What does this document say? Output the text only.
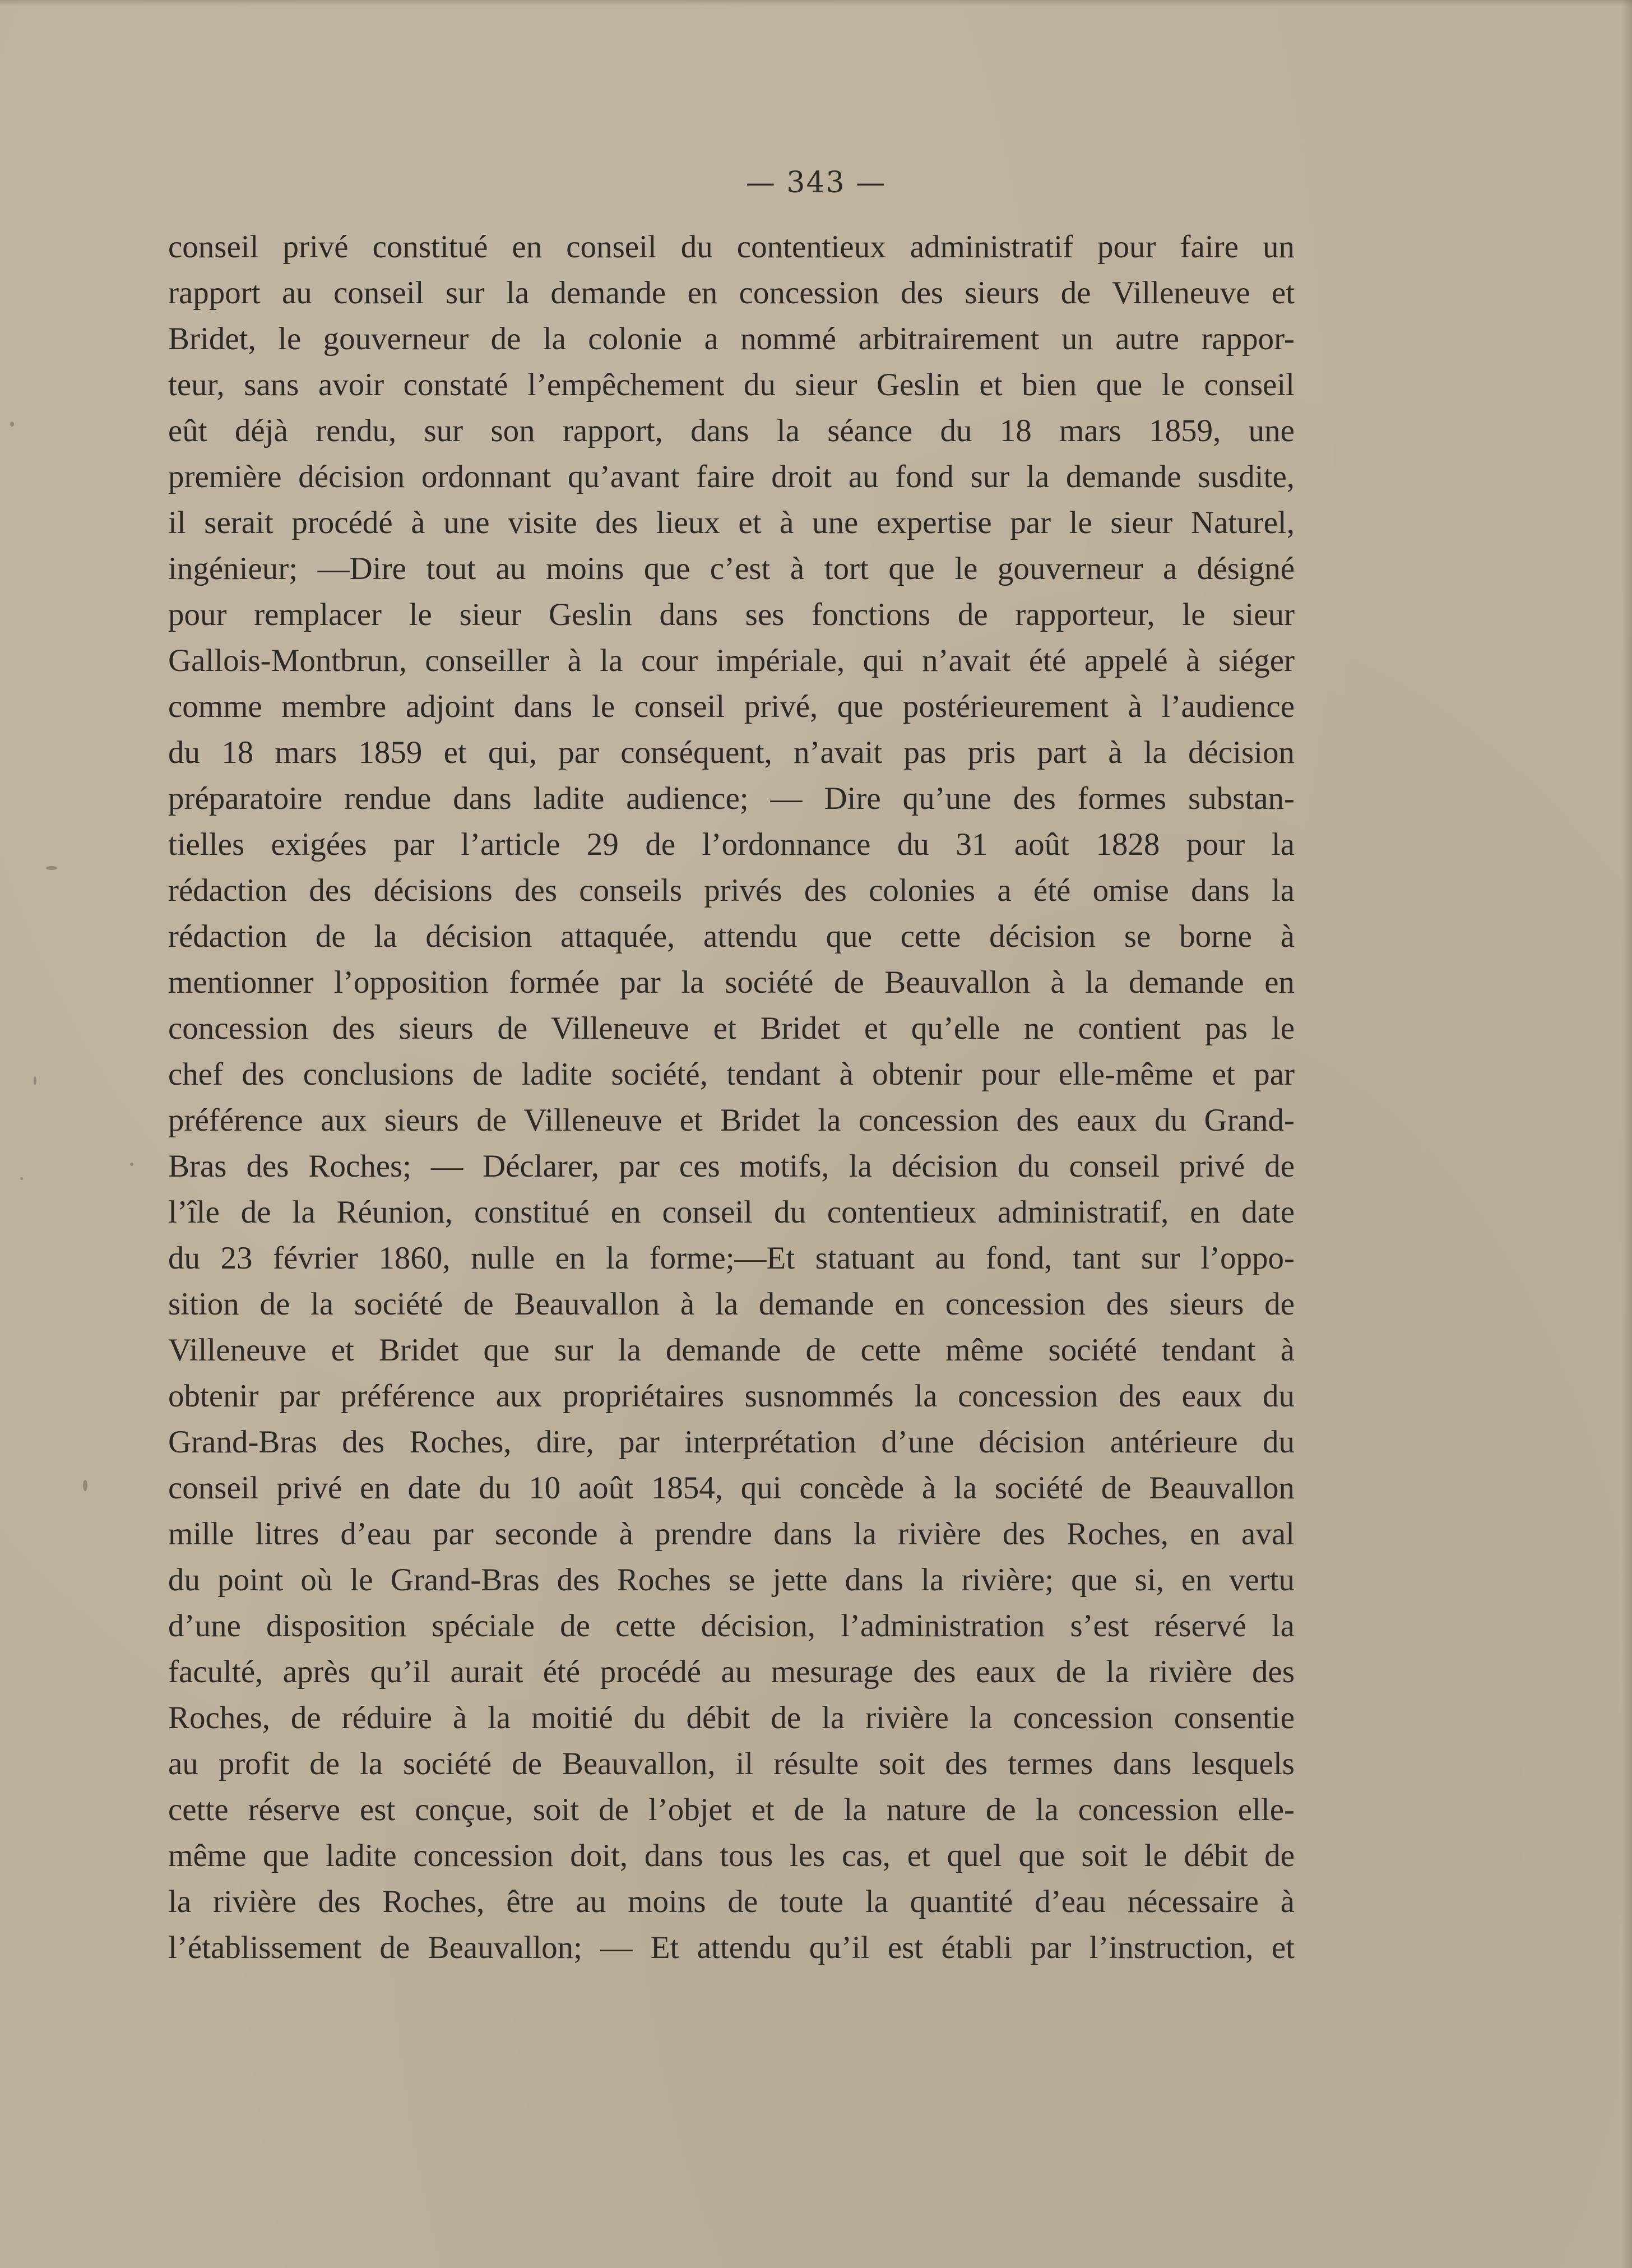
— 343 —
conseil privé constitué en conseil du contentieux administratif pour faire un
rapport au conseil sur la demande en concession des sieurs de Villeneuve et
Bridet, le gouverneur de la colonie a nommé arbitrairement un autre rappor-
teur, sans avoir constaté l’empêchement du sieur Geslin et bien que le conseil
eût déjà rendu, sur son rapport, dans la séance du 18 mars 1859, une
première décision ordonnant qu’avant faire droit au fond sur la demande susdite,
il serait procédé à une visite des lieux et à une expertise par le sieur Naturel,
ingénieur; —Dire tout au moins que c’est à tort que le gouverneur a désigné
pour remplacer le sieur Geslin dans ses fonctions de rapporteur, le sieur
Gallois-Montbrun, conseiller à la cour impériale, qui n’avait été appelé à siéger
comme membre adjoint dans le conseil privé, que postérieurement à l’audience
du 18 mars 1859 et qui, par conséquent, n’avait pas pris part à la décision
préparatoire rendue dans ladite audience; — Dire qu’une des formes substan-
tielles exigées par l’article 29 de l’ordonnance du 31 août 1828 pour la
rédaction des décisions des conseils privés des colonies a été omise dans la
rédaction de la décision attaquée, attendu que cette décision se borne à
mentionner l’opposition formée par la société de Beauvallon à la demande en
concession des sieurs de Villeneuve et Bridet et qu’elle ne contient pas le
chef des conclusions de ladite société, tendant à obtenir pour elle-même et par
préférence aux sieurs de Villeneuve et Bridet la concession des eaux du Grand-
Bras des Roches; — Déclarer, par ces motifs, la décision du conseil privé de
l’île de la Réunion, constitué en conseil du contentieux administratif, en date
du 23 février 1860, nulle en la forme;—Et statuant au fond, tant sur l’oppo-
sition de la société de Beauvallon à la demande en concession des sieurs de
Villeneuve et Bridet que sur la demande de cette même société tendant à
obtenir par préférence aux propriétaires susnommés la concession des eaux du
Grand-Bras des Roches, dire, par interprétation d’une décision antérieure du
conseil privé en date du 10 août 1854, qui concède à la société de Beauvallon
mille litres d’eau par seconde à prendre dans la rivière des Roches, en aval
du point où le Grand-Bras des Roches se jette dans la rivière; que si, en vertu
d’une disposition spéciale de cette décision, l’administration s’est réservé la
faculté, après qu’il aurait été procédé au mesurage des eaux de la rivière des
Roches, de réduire à la moitié du débit de la rivière la concession consentie
au profit de la société de Beauvallon, il résulte soit des termes dans lesquels
cette réserve est conçue, soit de l’objet et de la nature de la concession elle-
même que ladite concession doit, dans tous les cas, et quel que soit le débit de
la rivière des Roches, être au moins de toute la quantité d’eau nécessaire à
l’établissement de Beauvallon; — Et attendu qu’il est établi par l’instruction, et
